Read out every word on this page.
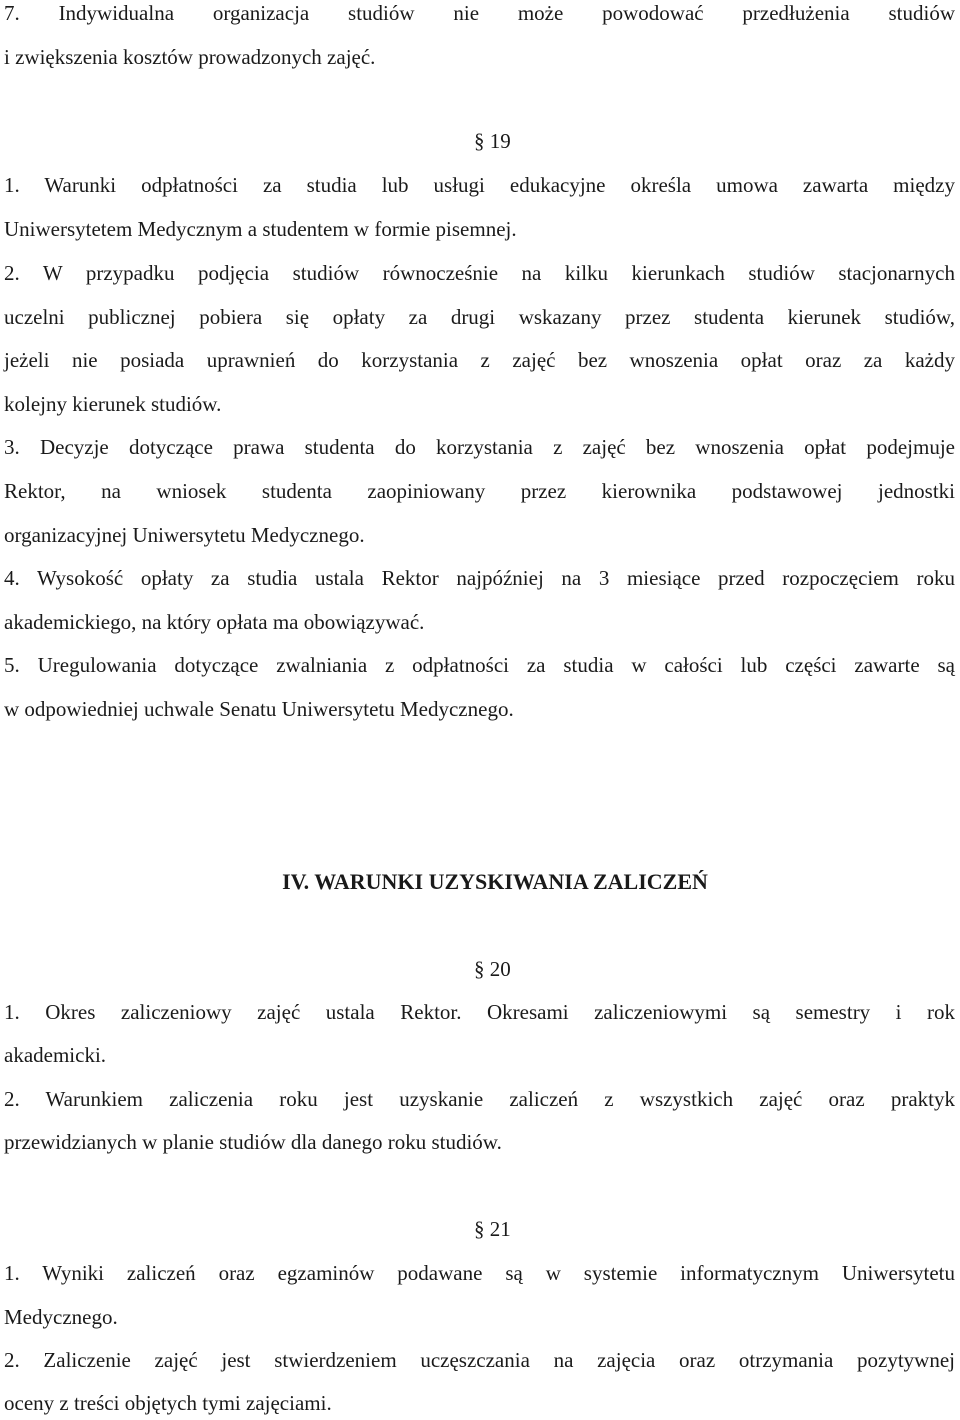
7. Indywidualna organizacja studiów nie może powodować przedłużenia studiów
i zwiększenia kosztów prowadzonych zajęć.
§ 19
1. Warunki odpłatności za studia lub usługi edukacyjne określa umowa zawarta między
Uniwersytetem Medycznym a studentem w formie pisemnej.
2. W przypadku podjęcia studiów równocześnie na kilku kierunkach studiów stacjonarnych
uczelni publicznej pobiera się opłaty za drugi wskazany przez studenta kierunek studiów,
jeżeli nie posiada uprawnień do korzystania z zajęć bez wnoszenia opłat oraz za każdy
kolejny kierunek studiów.
3. Decyzje dotyczące prawa studenta do korzystania z zajęć bez wnoszenia opłat podejmuje
Rektor, na wniosek studenta zaopiniowany przez kierownika podstawowej jednostki
organizacyjnej Uniwersytetu Medycznego.
4. Wysokość opłaty za studia ustala Rektor najpóźniej na 3 miesiące przed rozpoczęciem roku
akademickiego, na który opłata ma obowiązywać.
5. Uregulowania dotyczące zwalniania z odpłatności za studia w całości lub części zawarte są
w odpowiedniej uchwale Senatu Uniwersytetu Medycznego.
IV. WARUNKI UZYSKIWANIA ZALICZEŃ
§ 20
1. Okres zaliczeniowy zajęć ustala Rektor. Okresami zaliczeniowymi są semestry i rok
akademicki.
2. Warunkiem zaliczenia roku jest uzyskanie zaliczeń z wszystkich zajęć oraz praktyk
przewidzianych w planie studiów dla danego roku studiów.
§ 21
1. Wyniki zaliczeń oraz egzaminów podawane są w systemie informatycznym Uniwersytetu
Medycznego.
2. Zaliczenie zajęć jest stwierdzeniem uczęszczania na zajęcia oraz otrzymania pozytywnej
oceny z treści objętych tymi zajęciami.
